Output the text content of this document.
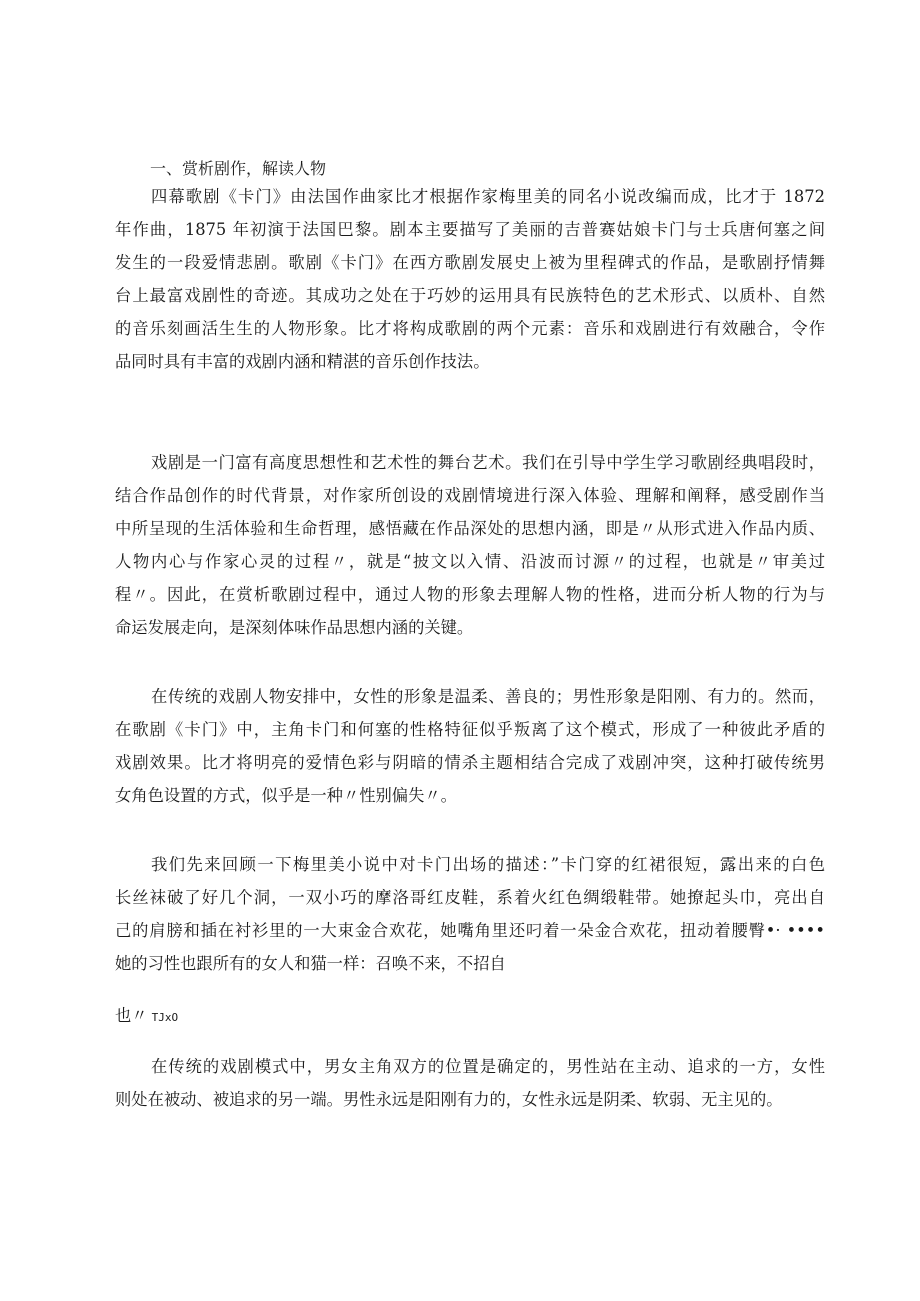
一、赏析剧作，解读人物
四幕歌剧《卡门》由法国作曲家比才根据作家梅里美的同名小说改编而成，比才于 1872
年作曲，1875 年初演于法国巴黎。剧本主要描写了美丽的吉普赛姑娘卡门与士兵唐何塞之间
发生的一段爱情悲剧。歌剧《卡门》在西方歌剧发展史上被为里程碑式的作品，是歌剧抒情舞
台上最富戏剧性的奇迹。其成功之处在于巧妙的运用具有民族特色的艺术形式、以质朴、自然
的音乐刻画活生生的人物形象。比才将构成歌剧的两个元素：音乐和戏剧进行有效融合，令作
品同时具有丰富的戏剧内涵和精湛的音乐创作技法。
戏剧是一门富有高度思想性和艺术性的舞台艺术。我们在引导中学生学习歌剧经典唱段时，
结合作品创作的时代背景，对作家所创设的戏剧情境进行深入体验、理解和阐释，感受剧作当
中所呈现的生活体验和生命哲理，感悟藏在作品深处的思想内涵，即是〃从形式进入作品内质、
人物内心与作家心灵的过程〃，就是“披文以入情、沿波而讨源〃的过程，也就是〃审美过
程〃。因此，在赏析歌剧过程中，通过人物的形象去理解人物的性格，进而分析人物的行为与
命运发展走向，是深刻体味作品思想内涵的关键。
在传统的戏剧人物安排中，女性的形象是温柔、善良的；男性形象是阳刚、有力的。然而，
在歌剧《卡门》中，主角卡门和何塞的性格特征似乎叛离了这个模式，形成了一种彼此矛盾的
戏剧效果。比才将明亮的爱情色彩与阴暗的情杀主题相结合完成了戏剧冲突，这种打破传统男
女角色设置的方式，似乎是一种〃性别偏失〃。
我们先来回顾一下梅里美小说中对卡门出场的描述：”卡门穿的红裙很短，露出来的白色
长丝袜破了好几个洞，一双小巧的摩洛哥红皮鞋，系着火红色绸缎鞋带。她撩起头巾，亮出自
己的肩膀和插在衬衫里的一大束金合欢花，她嘴角里还叼着一朵金合欢花，扭动着腰臀•· ••••
她的习性也跟所有的女人和猫一样：召唤不来，不招自
也〃 TJxO
在传统的戏剧模式中，男女主角双方的位置是确定的，男性站在主动、追求的一方，女性
则处在被动、被追求的另一端。男性永远是阳刚有力的，女性永远是阴柔、软弱、无主见的。
